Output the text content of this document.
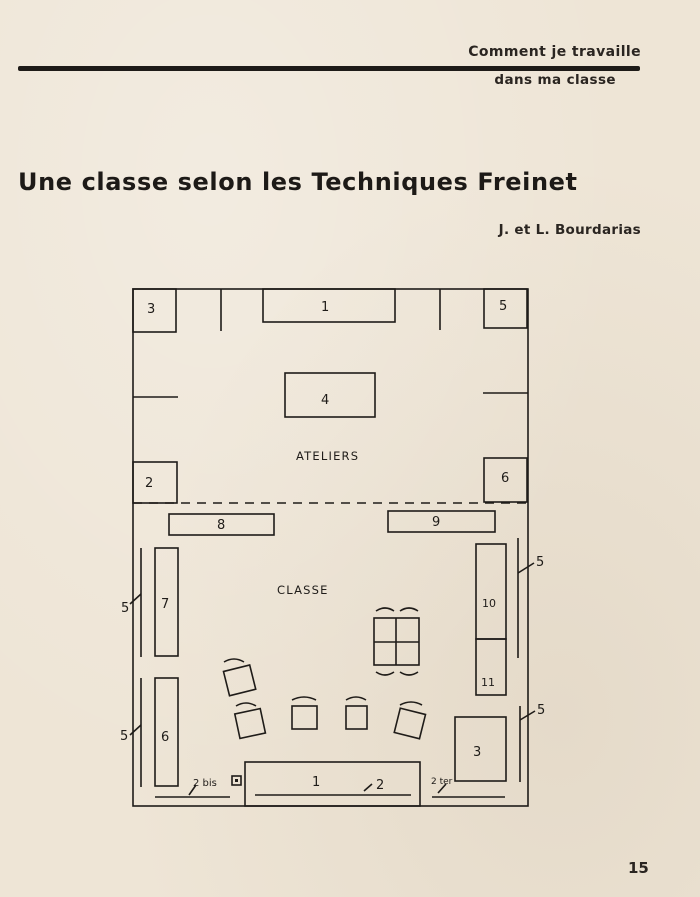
Comment je travaille
dans ma classe
Une classe selon les Techniques Freinet
J. et L. Bourdarias
3	1	5
4
ATELIERS
2	6
8	9
CLASSE
7
6
10
11
3
1	2
2 bis	2 ter
5
5
5
5
15
